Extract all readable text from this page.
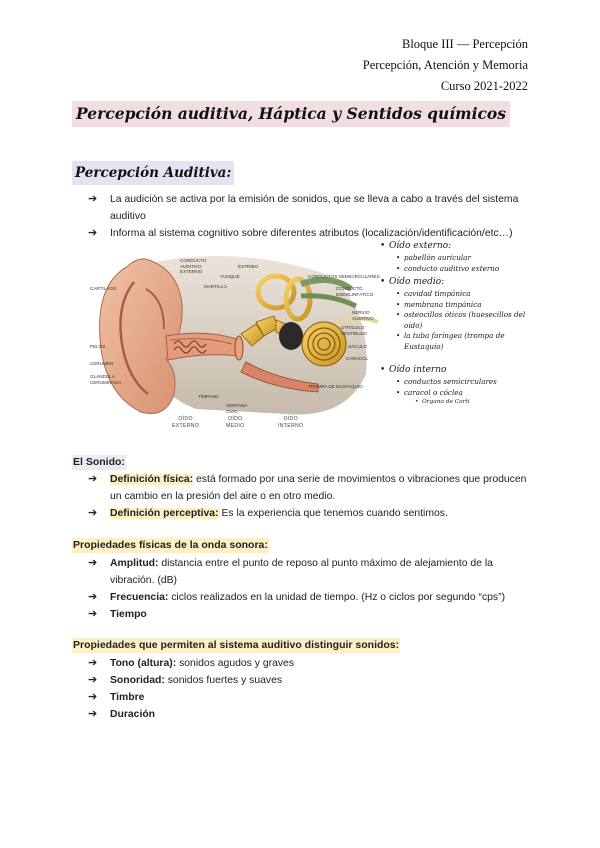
Bloque III — Percepción
Percepción, Atención y Memoria
Curso 2021-2022
Percepción auditiva, Háptica y Sentidos químicos
Percepción Auditiva:
➔ La audición se activa por la emisión de sonidos, que se lleva a cabo a través del sistema auditivo
➔ Informa al sistema cognitivo sobre diferentes atributos (localización/identificación/etc…)
CONDUCTO
AUDITIVO
EXTERNO
ESTRIBO
YUNQUE
MARTILLO
CONDUCTOS SEMICIRCULARES
CONDUCTO
ENDOLINFÁTICO
CARTÍLAGO
NERVIO
AUDITIVO
UTRÍCULO
VESTÍBULO
SÁCULO
CARACOL
PELOS
CERUMEN
GLÁNDULA
CERUMINOSA
TÍMPANO
VENTANA
OVAL
TROMPA DE EUSTAQUIO
OÍDO
EXTERNO
OÍDO
MEDIO
OÍDO
INTERNO
• Oído externo:
• pabellón auricular
• conducto auditivo externo
• Oído medio:
• cavidad timpánica
• membrana timpánica
• osteocillos óticos (huesecillos del oído)
• la tuba faríngea (trompa de Eustaquio)
• Oído interno
• conductos semicirculares
• caracol o cóclea
• Órgano de Corti
El Sonido:
➔ Definición física: está formado por una serie de movimientos o vibraciones que producen un cambio en la presión del aire o en otro medio.
➔ Definición perceptiva: Es la experiencia que tenemos cuando sentimos.
Propiedades físicas de la onda sonora:
➔ Amplitud: distancia entre el punto de reposo al punto máximo de alejamiento de la vibración. (dB)
➔ Frecuencia: ciclos realizados en la unidad de tiempo. (Hz o ciclos por segundo “cps”)
➔ Tiempo
Propiedades que permiten al sistema auditivo distinguir sonidos:
➔ Tono (altura): sonidos agudos y graves
➔ Sonoridad: sonidos fuertes y suaves
➔ Timbre
➔ Duración
